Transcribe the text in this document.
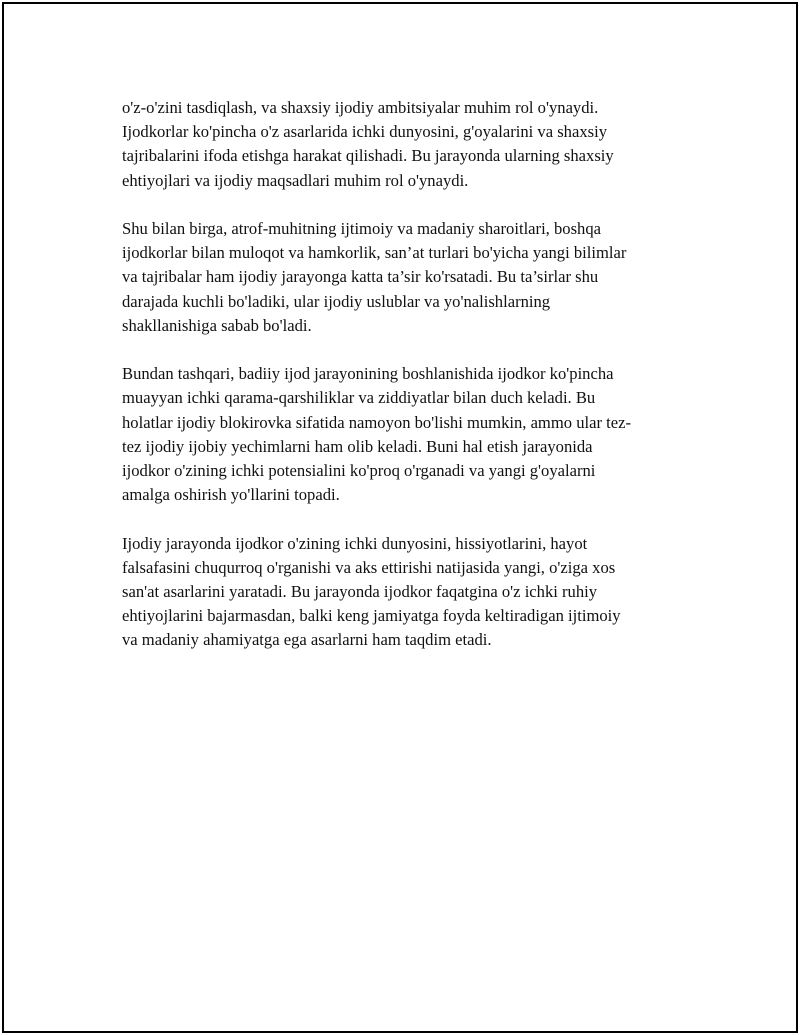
o'z-o'zini tasdiqlash, va shaxsiy ijodiy ambitsiyalar muhim rol o'ynaydi.
Ijodkorlar ko'pincha o'z asarlarida ichki dunyosini, g'oyalarini va shaxsiy
tajribalarini ifoda etishga harakat qilishadi. Bu jarayonda ularning shaxsiy
ehtiyojlari va ijodiy maqsadlari muhim rol o'ynaydi.

Shu bilan birga, atrof-muhitning ijtimoiy va madaniy sharoitlari, boshqa
ijodkorlar bilan muloqot va hamkorlik, san’at turlari bo'yicha yangi bilimlar
va tajribalar ham ijodiy jarayonga katta ta’sir ko'rsatadi. Bu ta’sirlar shu
darajada kuchli bo'ladiki, ular ijodiy uslublar va yo'nalishlarning
shakllanishiga sabab bo'ladi.

Bundan tashqari, badiiy ijod jarayonining boshlanishida ijodkor ko'pincha
muayyan ichki qarama-qarshiliklar va ziddiyatlar bilan duch keladi. Bu
holatlar ijodiy blokirovka sifatida namoyon bo'lishi mumkin, ammo ular tez-
tez ijodiy ijobiy yechimlarni ham olib keladi. Buni hal etish jarayonida
ijodkor o'zining ichki potensialini ko'proq o'rganadi va yangi g'oyalarni
amalga oshirish yo'llarini topadi.

Ijodiy jarayonda ijodkor o'zining ichki dunyosini, hissiyotlarini, hayot
falsafasini chuqurroq o'rganishi va aks ettirishi natijasida yangi, o'ziga xos
san'at asarlarini yaratadi. Bu jarayonda ijodkor faqatgina o'z ichki ruhiy
ehtiyojlarini bajarmasdan, balki keng jamiyatga foyda keltiradigan ijtimoiy
va madaniy ahamiyatga ega asarlarni ham taqdim etadi.
